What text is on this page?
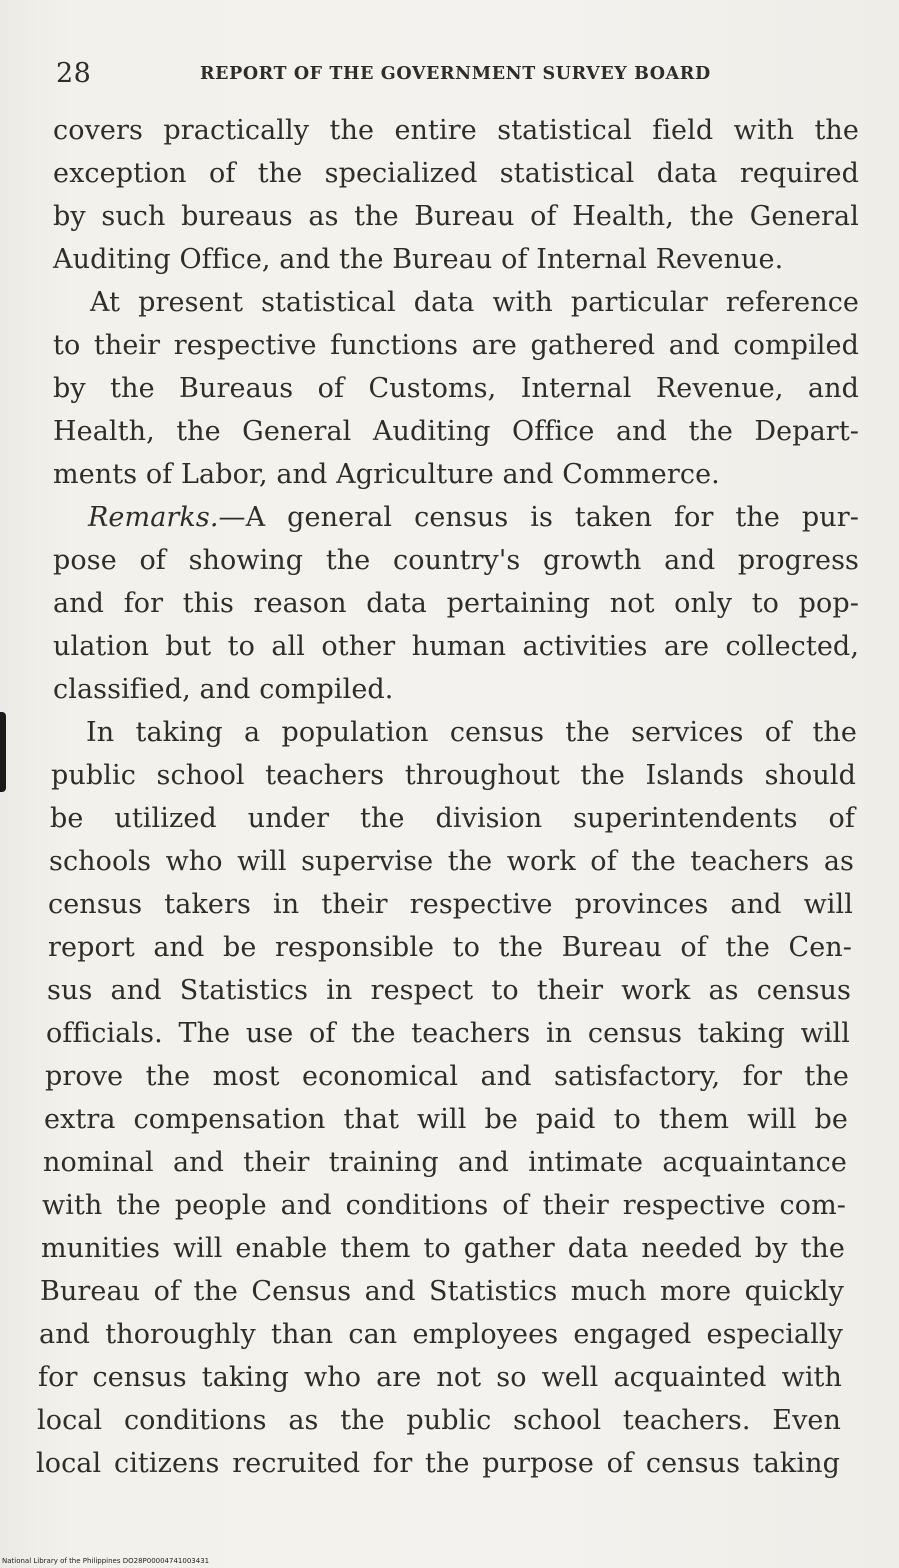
28	REPORT OF THE GOVERNMENT SURVEY BOARD
covers practically the entire statistical field with the
exception of the specialized statistical data required
by such bureaus as the Bureau of Health, the General
Auditing Office, and the Bureau of Internal Revenue.
At present statistical data with particular reference
to their respective functions are gathered and compiled
by the Bureaus of Customs, Internal Revenue, and
Health, the General Auditing Office and the Depart-
ments of Labor, and Agriculture and Commerce.
Remarks.—A general census is taken for the pur-
pose of showing the country's growth and progress
and for this reason data pertaining not only to pop-
ulation but to all other human activities are collected,
classified, and compiled.
In taking a population census the services of the
public school teachers throughout the Islands should
be utilized under the division superintendents of
schools who will supervise the work of the teachers as
census takers in their respective provinces and will
report and be responsible to the Bureau of the Cen-
sus and Statistics in respect to their work as census
officials. The use of the teachers in census taking will
prove the most economical and satisfactory, for the
extra compensation that will be paid to them will be
nominal and their training and intimate acquaintance
with the people and conditions of their respective com-
munities will enable them to gather data needed by the
Bureau of the Census and Statistics much more quickly
and thoroughly than can employees engaged especially
for census taking who are not so well acquainted with
local conditions as the public school teachers. Even
local citizens recruited for the purpose of census taking
National Library of the Philippines DO28P00004741003431
